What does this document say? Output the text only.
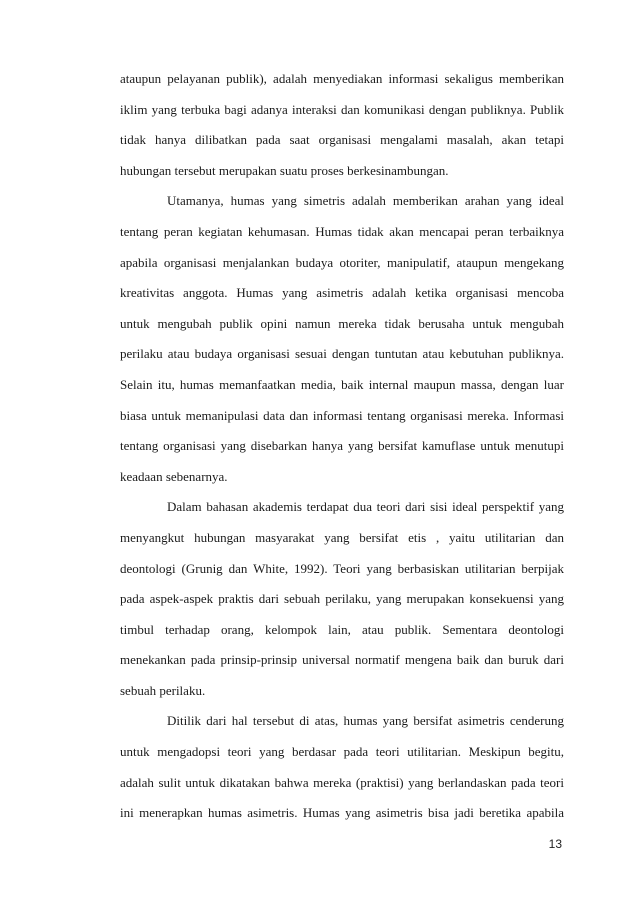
ataupun pelayanan publik), adalah menyediakan informasi sekaligus memberikan
iklim yang terbuka bagi adanya interaksi dan komunikasi dengan publiknya. Publik
tidak hanya dilibatkan pada saat organisasi mengalami masalah, akan tetapi
hubungan tersebut merupakan suatu proses berkesinambungan.
Utamanya, humas yang simetris adalah memberikan arahan yang ideal
tentang peran kegiatan kehumasan. Humas tidak akan mencapai peran terbaiknya
apabila organisasi menjalankan budaya otoriter, manipulatif, ataupun mengekang
kreativitas anggota. Humas yang asimetris adalah ketika organisasi mencoba
untuk mengubah publik opini namun mereka tidak berusaha untuk mengubah
perilaku atau budaya organisasi sesuai dengan tuntutan atau kebutuhan publiknya.
Selain itu, humas memanfaatkan media, baik internal maupun massa, dengan luar
biasa untuk memanipulasi data dan informasi tentang organisasi mereka. Informasi
tentang organisasi yang disebarkan hanya yang bersifat kamuflase untuk menutupi
keadaan sebenarnya.
Dalam bahasan akademis terdapat dua teori dari sisi ideal perspektif yang
menyangkut hubungan masyarakat yang bersifat etis , yaitu utilitarian dan
deontologi (Grunig dan White, 1992). Teori yang berbasiskan utilitarian berpijak
pada aspek-aspek praktis dari sebuah perilaku, yang merupakan konsekuensi yang
timbul terhadap orang, kelompok lain, atau publik. Sementara deontologi
menekankan pada prinsip-prinsip universal normatif mengena baik dan buruk dari
sebuah perilaku.
Ditilik dari hal tersebut di atas, humas yang bersifat asimetris cenderung
untuk mengadopsi teori yang berdasar pada teori utilitarian. Meskipun begitu,
adalah sulit untuk dikatakan bahwa mereka (praktisi) yang berlandaskan pada teori
ini menerapkan humas asimetris. Humas yang asimetris bisa jadi beretika apabila
13
